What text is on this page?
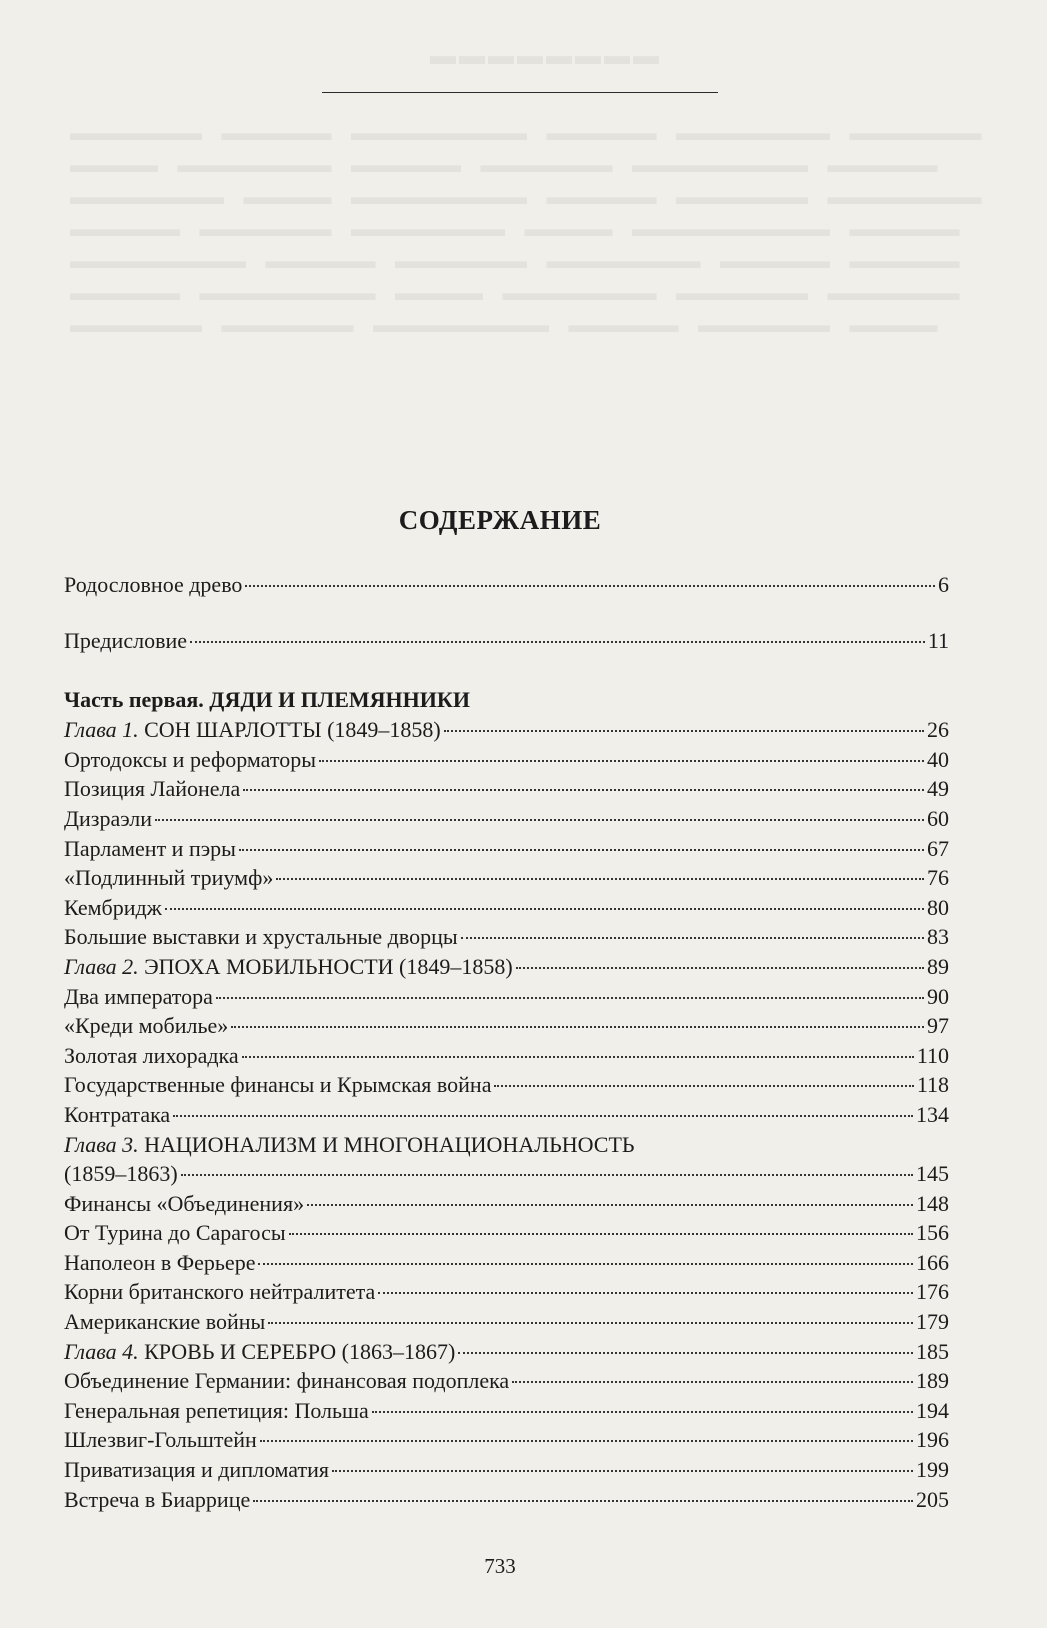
▬▬▬▬▬▬▬▬
▬▬▬▬▬▬ ▬▬▬▬▬ ▬▬▬▬▬▬▬▬ ▬▬▬▬▬ ▬▬▬▬▬▬▬ ▬▬▬▬▬▬
▬▬▬▬ ▬▬▬▬▬▬▬ ▬▬▬▬▬ ▬▬▬▬▬▬ ▬▬▬▬▬▬▬▬ ▬▬▬▬▬
▬▬▬▬▬▬▬ ▬▬▬▬ ▬▬▬▬▬▬▬▬ ▬▬▬▬▬ ▬▬▬▬▬▬ ▬▬▬▬▬▬▬
▬▬▬▬▬ ▬▬▬▬▬▬ ▬▬▬▬▬▬▬ ▬▬▬▬ ▬▬▬▬▬▬▬▬▬ ▬▬▬▬▬
▬▬▬▬▬▬▬▬ ▬▬▬▬▬ ▬▬▬▬▬▬ ▬▬▬▬▬▬▬ ▬▬▬▬▬ ▬▬▬▬▬
▬▬▬▬▬ ▬▬▬▬▬▬▬▬ ▬▬▬▬ ▬▬▬▬▬▬▬ ▬▬▬▬▬▬ ▬▬▬▬▬▬
▬▬▬▬▬▬ ▬▬▬▬▬▬ ▬▬▬▬▬▬▬▬ ▬▬▬▬▬ ▬▬▬▬▬▬ ▬▬▬▬
СОДЕРЖАНИЕ
Родословное древо	6
Предисловие	11
Часть первая. ДЯДИ И ПЛЕМЯННИКИ
Глава 1. СОН ШАРЛОТТЫ (1849–1858)	26
Ортодоксы и реформаторы	40
Позиция Лайонела	49
Дизраэли	60
Парламент и пэры	67
«Подлинный триумф»	76
Кембридж	80
Большие выставки и хрустальные дворцы	83
Глава 2. ЭПОХА МОБИЛЬНОСТИ (1849–1858)	89
Два императора	90
«Креди мобилье»	97
Золотая лихорадка	110
Государственные финансы и Крымская война	118
Контратака	134
Глава 3. НАЦИОНАЛИЗМ И МНОГОНАЦИОНАЛЬНОСТЬ
(1859–1863)	145
Финансы «Объединения»	148
От Турина до Сарагосы	156
Наполеон в Ферьере	166
Корни британского нейтралитета	176
Американские войны	179
Глава 4. КРОВЬ И СЕРЕБРО (1863–1867)	185
Объединение Германии: финансовая подоплека	189
Генеральная репетиция: Польша	194
Шлезвиг-Гольштейн	196
Приватизация и дипломатия	199
Встреча в Биаррице	205
733
